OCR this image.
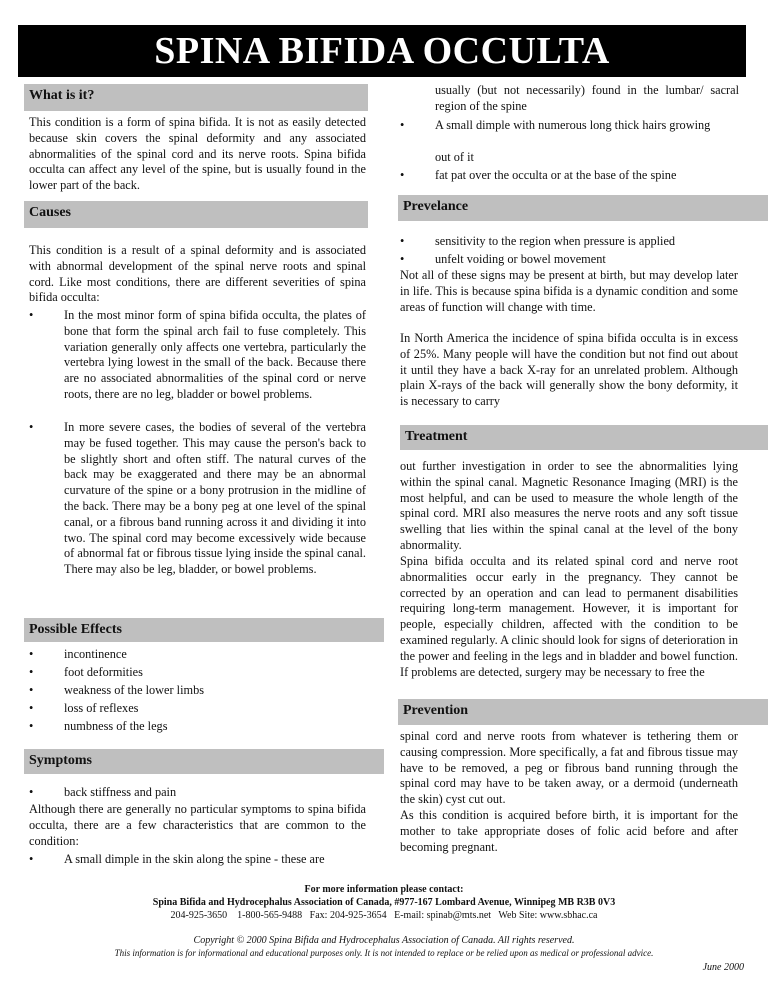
SPINA BIFIDA OCCULTA
What is it?

This condition is a form of spina bifida. It is not as easily detected because skin covers the spinal deformity and any associated abnormalities of the spinal cord and its nerve roots. Spina bifida occulta can affect any level of the spine, but is usually found in the lower part of the back.

Causes

This condition is a result of a spinal deformity and is associated with abnormal development of the spinal nerve roots and spinal cord. Like most conditions, there are different severities of spina bifida occulta:

• In the most minor form of spina bifida occulta, the plates of bone that form the spinal arch fail to fuse completely. This variation generally only affects one vertebra, particularly the vertebra lying lowest in the small of the back. Because there are no associated abnormalities of the spinal cord or nerve roots, there are no leg, bladder or bowel problems.
• In more severe cases, the bodies of several of the vertebra may be fused together. This may cause the person's back to be slightly short and often stiff. The natural curves of the back may be exaggerated and there may be an abnormal curvature of the spine or a bony protrusion in the midline of the back. There may be a bony peg at one level of the spinal canal, or a fibrous band running across it and dividing it into two. The spinal cord may become excessively wide because of abnormal fat or fibrous tissue lying inside the spinal canal. There may also be leg, bladder, or bowel problems.
Possible Effects
• incontinence
• foot deformities
• weakness of the lower limbs
• loss of reflexes
• numbness of the legs
Symptoms
• back stiffness and pain

Although there are generally no particular symptoms to spina bifida occulta, there are a few characteristics that are common to the condition:

• A small dimple in the skin along the spine - these are

usually (but not necessarily) found in the lumbar/ sacral region of the spine

• A small dimple with numerous long thick hairs growing

out of it

• fat pat over the occulta or at the base of the spine
Prevelance
• sensitivity to the region when pressure is applied
• unfelt voiding or bowel movement

Not all of these signs may be present at birth, but may develop later in life. This is because spina bifida is a dynamic condition and some areas of function will change with time.

In North America the incidence of spina bifida occulta is in excess of 25%. Many people will have the condition but not find out about it until they have a back X-ray for an unrelated problem. Although plain X-rays of the back will generally show the bony deformity, it is necessary to carry

Treatment

out further investigation in order to see the abnormalities lying within the spinal canal. Magnetic Resonance Imaging (MRI) is the most helpful, and can be used to measure the whole length of the spinal cord. MRI also measures the nerve roots and any soft tissue swelling that lies within the spinal canal at the level of the bony abnormality.

Spina bifida occulta and its related spinal cord and nerve root abnormalities occur early in the pregnancy. They cannot be corrected by an operation and can lead to permanent disabilities requiring long-term management. However, it is important for people, especially children, affected with the condition to be examined regularly. A clinic should look for signs of deterioration in the power and feeling in the legs and in bladder and bowel function. If problems are detected, surgery may be necessary to free the

Prevention

spinal cord and nerve roots from whatever is tethering them or causing compression. More specifically, a fat and fibrous tissue may have to be removed, a peg or fibrous band running through the spinal cord may have to be taken away, or a dermoid (underneath the skin) cyst cut out.

As this condition is acquired before birth, it is important for the mother to take appropriate doses of folic acid before and after becoming pregnant.

For more information please contact:
Spina Bifida and Hydrocephalus Association of Canada, #977-167 Lombard Avenue, Winnipeg MB R3B 0V3
204-925-3650    1-800-565-9488   Fax: 204-925-3654   E-mail: spinab@mts.net   Web Site: www.sbhac.ca
Copyright © 2000 Spina Bifida and Hydrocephalus Association of Canada. All rights reserved.
This information is for informational and educational purposes only. It is not intended to replace or be relied upon as medical or professional advice.
June 2000
